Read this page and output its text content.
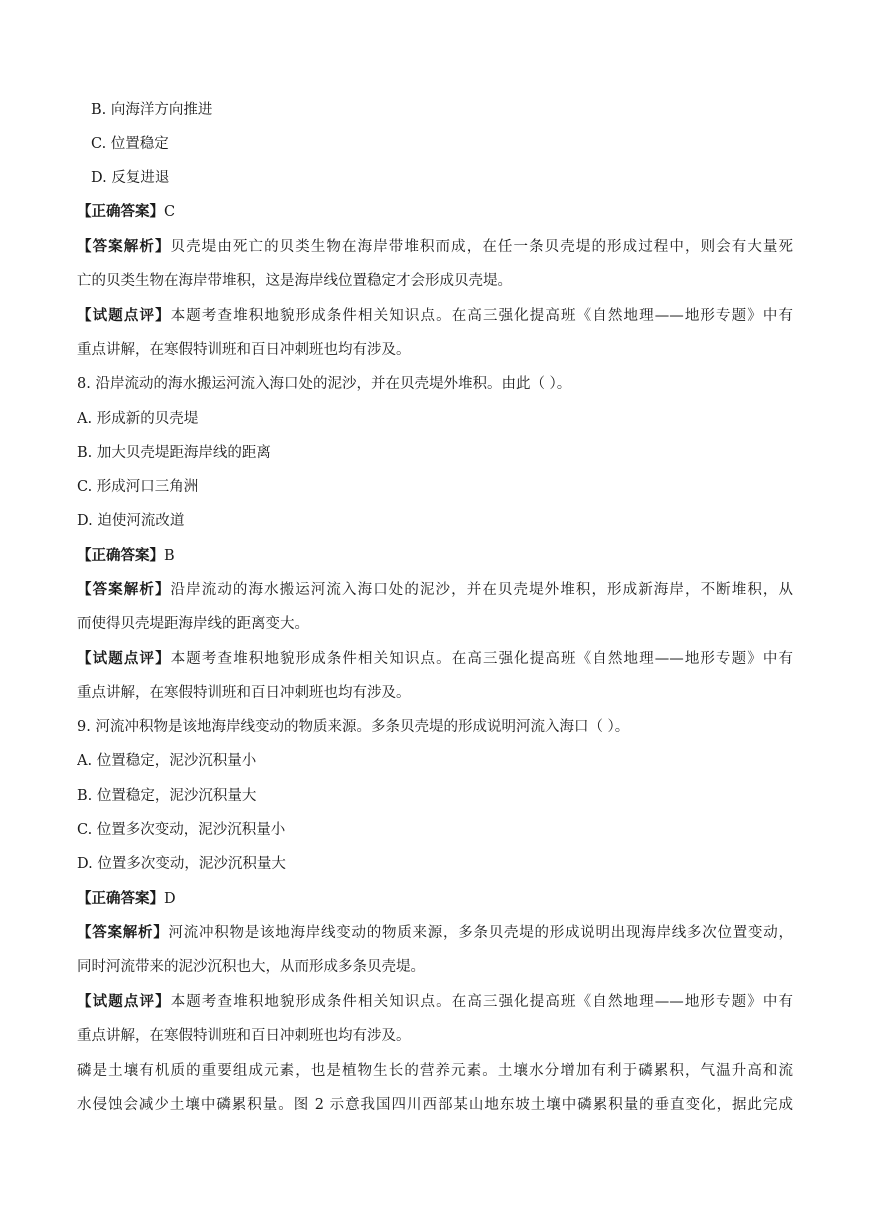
B. 向海洋方向推进
C. 位置稳定
D. 反复进退
【正确答案】C
【答案解析】贝壳堤由死亡的贝类生物在海岸带堆积而成，在任一条贝壳堤的形成过程中，则会有大量死
亡的贝类生物在海岸带堆积，这是海岸线位置稳定才会形成贝壳堤。
【试题点评】本题考查堆积地貌形成条件相关知识点。在高三强化提高班《自然地理——地形专题》中有
重点讲解，在寒假特训班和百日冲刺班也均有涉及。
8. 沿岸流动的海水搬运河流入海口处的泥沙，并在贝壳堤外堆积。由此（ ）。
A. 形成新的贝壳堤
B. 加大贝壳堤距海岸线的距离
C. 形成河口三角洲
D. 迫使河流改道
【正确答案】B
【答案解析】沿岸流动的海水搬运河流入海口处的泥沙，并在贝壳堤外堆积，形成新海岸，不断堆积，从
而使得贝壳堤距海岸线的距离变大。
【试题点评】本题考查堆积地貌形成条件相关知识点。在高三强化提高班《自然地理——地形专题》中有
重点讲解，在寒假特训班和百日冲刺班也均有涉及。
9. 河流冲积物是该地海岸线变动的物质来源。多条贝壳堤的形成说明河流入海口（ ）。
A. 位置稳定，泥沙沉积量小
B. 位置稳定，泥沙沉积量大
C. 位置多次变动，泥沙沉积量小
D. 位置多次变动，泥沙沉积量大
【正确答案】D
【答案解析】河流冲积物是该地海岸线变动的物质来源，多条贝壳堤的形成说明出现海岸线多次位置变动，
同时河流带来的泥沙沉积也大，从而形成多条贝壳堤。
【试题点评】本题考查堆积地貌形成条件相关知识点。在高三强化提高班《自然地理——地形专题》中有
重点讲解，在寒假特训班和百日冲刺班也均有涉及。
磷是土壤有机质的重要组成元素，也是植物生长的营养元素。土壤水分增加有利于磷累积，气温升高和流
水侵蚀会减少土壤中磷累积量。图 2 示意我国四川西部某山地东坡土壤中磷累积量的垂直变化，据此完成
